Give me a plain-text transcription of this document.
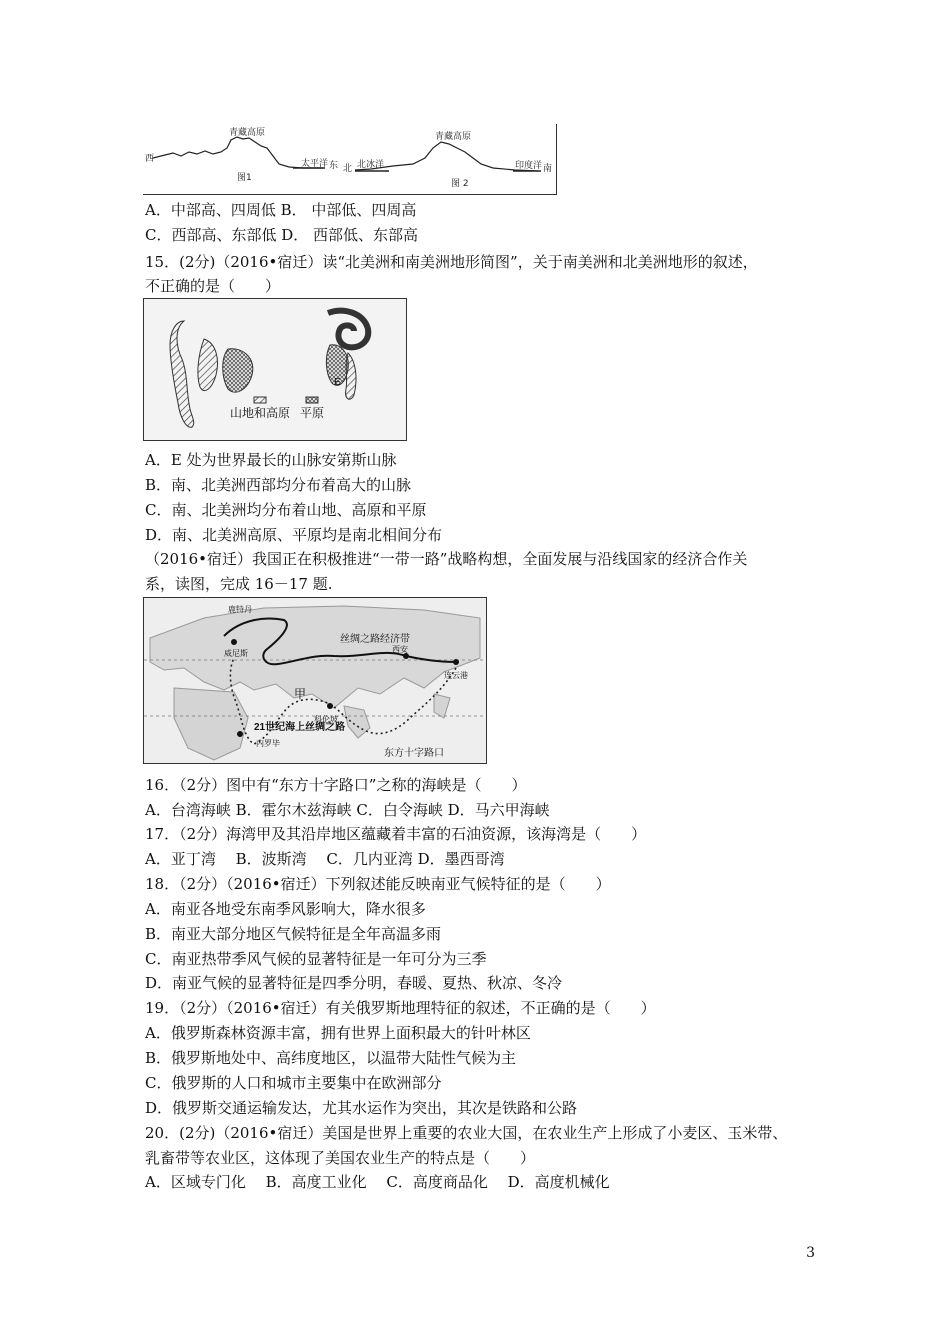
西
青藏高原
太平洋 东
图1
北 北冰洋
青藏高原
印度洋 南
图 2
A．中部高、四周低 B． 中部低、四周高
C．西部高、东部低 D． 西部低、东部高
15．(2分)（2016•宿迁）读“北美洲和南美洲地形简图”，关于南美洲和北美洲地形的叙述，
不正确的是（　　）
E
山地和高原 平原
A．E 处为世界最长的山脉安第斯山脉
B．南、北美洲西部均分布着高大的山脉
C．南、北美洲均分布着山地、高原和平原
D．南、北美洲高原、平原均是南北相间分布
（2016•宿迁）我国正在积极推进“一带一路”战略构想，全面发展与沿线国家的经济合作关
系，读图，完成 16－17 题.
鹿特丹
威尼斯
丝绸之路经济带
西安
连云港
甲
科伦坡
21世纪海上丝绸之路
内罗毕
东方十字路口
16．（2分）图中有“东方十字路口”之称的海峡是（　　）
A．台湾海峡 B．霍尔木兹海峡 C．白令海峡 D．马六甲海峡
17．（2分）海湾甲及其沿岸地区蕴藏着丰富的石油资源，该海湾是（　　）
A．亚丁湾　 B．波斯湾　 C．几内亚湾 D．墨西哥湾
18．（2分）（2016•宿迁）下列叙述能反映南亚气候特征的是（　　）
A．南亚各地受东南季风影响大，降水很多
B．南亚大部分地区气候特征是全年高温多雨
C．南亚热带季风气候的显著特征是一年可分为三季
D．南亚气候的显著特征是四季分明，春暖、夏热、秋凉、冬冷
19．（2分）（2016•宿迁）有关俄罗斯地理特征的叙述，不正确的是（　　）
A．俄罗斯森林资源丰富，拥有世界上面积最大的针叶林区
B．俄罗斯地处中、高纬度地区，以温带大陆性气候为主
C．俄罗斯的人口和城市主要集中在欧洲部分
D．俄罗斯交通运输发达，尤其水运作为突出，其次是铁路和公路
20．(2分)（2016•宿迁）美国是世界上重要的农业大国，在农业生产上形成了小麦区、玉米带、
乳畜带等农业区，这体现了美国农业生产的特点是（　　）
A．区域专门化　 B．高度工业化　 C．高度商品化　 D．高度机械化
3
